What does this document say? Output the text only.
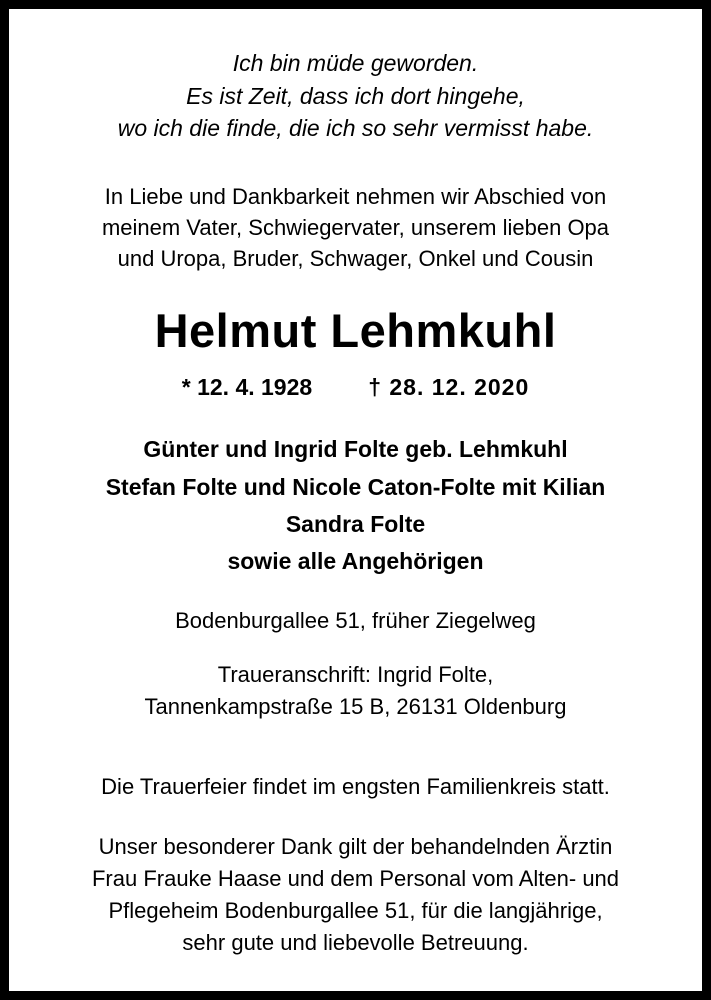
Ich bin müde geworden.
Es ist Zeit, dass ich dort hingehe,
wo ich die finde, die ich so sehr vermisst habe.
In Liebe und Dankbarkeit nehmen wir Abschied von
meinem Vater, Schwiegervater, unserem lieben Opa
und Uropa, Bruder, Schwager, Onkel und Cousin
Helmut Lehmkuhl
* 12. 4. 1928 † 28. 12. 2020
Günter und Ingrid Folte geb. Lehmkuhl
Stefan Folte und Nicole Caton-Folte mit Kilian
Sandra Folte
sowie alle Angehörigen
Bodenburgallee 51, früher Ziegelweg
Traueranschrift: Ingrid Folte,
Tannenkampstraße 15 B, 26131 Oldenburg
Die Trauerfeier findet im engsten Familienkreis statt.
Unser besonderer Dank gilt der behandelnden Ärztin
Frau Frauke Haase und dem Personal vom Alten- und
Pflegeheim Bodenburgallee 51, für die langjährige,
sehr gute und liebevolle Betreuung.
